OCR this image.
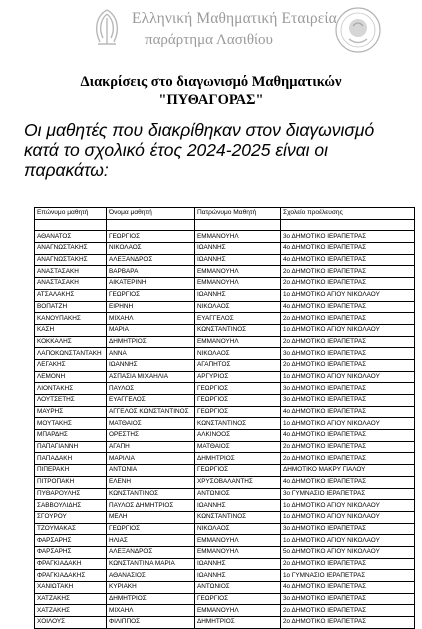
Ελληνική Μαθηματική Εταιρεία
παράρτημα Λασιθίου
Διακρίσεις στο διαγωνισμό Μαθηματικών
"ΠΥΘΑΓΟΡΑΣ"
Οι μαθητές που διακρίθηκαν στον διαγωνισμό κατά το σχολικό έτος 2024-2025 είναι οι παρακάτω:
Επώνυμο μαθητή	Όνομα μαθητή	Πατρώνυμο Μαθητή	Σχολείο προέλευσης

ΑΘΑΝΑΤΟΣ	ΓΕΩΡΓΙΟΣ	ΕΜΜΑΝΟΥΗΛ	3ο ΔΗΜΟΤΙΚΟ ΙΕΡΑΠΕΤΡΑΣ
ΑΝΑΓΝΩΣΤΑΚΗΣ	ΝΙΚΟΛΑΟΣ	ΙΩΑΝΝΗΣ	4ο ΔΗΜΟΤΙΚΟ ΙΕΡΑΠΕΤΡΑΣ
ΑΝΑΓΝΩΣΤΑΚΗΣ	ΑΛΕΞΑΝΔΡΟΣ	ΙΩΑΝΝΗΣ	4ο ΔΗΜΟΤΙΚΟ ΙΕΡΑΠΕΤΡΑΣ
ΑΝΑΣΤΑΣΑΚΗ	ΒΑΡΒΑΡΑ	ΕΜΜΑΝΟΥΗΛ	2ο ΔΗΜΟΤΙΚΟ ΙΕΡΑΠΕΤΡΑΣ
ΑΝΑΣΤΑΣΑΚΗ	ΑΙΚΑΤΕΡΙΝΗ	ΕΜΜΑΝΟΥΗΛ	2ο ΔΗΜΟΤΙΚΟ ΙΕΡΑΠΕΤΡΑΣ
ΑΤΣΑΛΑΚΗΣ	ΓΕΩΡΓΙΟΣ	ΙΩΑΝΝΗΣ	1ο ΔΗΜΟΤΙΚΟ ΑΓΙΟΥ ΝΙΚΟΛΑΟΥ
ΒΟΠΑΤΖΗ	ΕΙΡΗΝΗ	ΝΙΚΟΛΑΟΣ	4ο ΔΗΜΟΤΙΚΟ ΙΕΡΑΠΕΤΡΑΣ
ΚΑΝΟΥΠΑΚΗΣ	ΜΙΧΑΗΛ	ΕΥΑΓΓΕΛΟΣ	2ο ΔΗΜΟΤΙΚΟ ΙΕΡΑΠΕΤΡΑΣ
ΚΑΣΗ	ΜΑΡΙΑ	ΚΩΝΣΤΑΝΤΙΝΟΣ	1ο ΔΗΜΟΤΙΚΟ ΑΓΙΟΥ ΝΙΚΟΛΑΟΥ
ΚΟΚΚΑΛΗΣ	ΔΗΜΗΤΡΙΟΣ	ΕΜΜΑΝΟΥΗΛ	2ο ΔΗΜΟΤΙΚΟ ΙΕΡΑΠΕΤΡΑΣ
ΛΑΠΟΚΩΝΣΤΑΝΤΑΚΗ	ΑΝΝΑ	ΝΙΚΟΛΑΟΣ	3ο ΔΗΜΟΤΙΚΟ ΙΕΡΑΠΕΤΡΑΣ
ΛΕΓΑΚΗΣ	ΙΩΑΝΝΗΣ	ΑΓΑΠΗΤΟΣ	2ο ΔΗΜΟΤΙΚΟ ΙΕΡΑΠΕΤΡΑΣ
ΛΕΜΟΝΗ	ΑΣΠΑΣΙΑ ΜΙΧΑΗΛΙΑ	ΑΡΓΥΡΙΟΣ	1ο ΔΗΜΟΤΙΚΟ ΑΓΙΟΥ ΝΙΚΟΛΑΟΥ
ΛΙΟΝΤΑΚΗΣ	ΠΑΥΛΟΣ	ΓΕΩΡΓΙΟΣ	3ο ΔΗΜΟΤΙΚΟ ΙΕΡΑΠΕΤΡΑΣ
ΛΟΥΤΣΕΤΗΣ	ΕΥΑΓΓΕΛΟΣ	ΓΕΩΡΓΙΟΣ	3ο ΔΗΜΟΤΙΚΟ ΙΕΡΑΠΕΤΡΑΣ
ΜΑΥΡΗΣ	ΑΓΓΕΛΟΣ ΚΩΝΣΤΑΝΤΙΝΟΣ	ΓΕΩΡΓΙΟΣ	4ο ΔΗΜΟΤΙΚΟ ΙΕΡΑΠΕΤΡΑΣ
ΜΟΥΤΑΚΗΣ	ΜΑΤΘΑΙΟΣ	ΚΩΝΣΤΑΝΤΙΝΟΣ	1ο ΔΗΜΟΤΙΚΟ ΑΓΙΟΥ ΝΙΚΟΛΑΟΥ
ΜΠΑΡΔΗΣ	ΟΡΕΣΤΗΣ	ΑΛΚΙΝΟΟΣ	4ο ΔΗΜΟΤΙΚΟ ΙΕΡΑΠΕΤΡΑΣ
ΠΑΠΑΓΙΑΝΝΗ	ΑΓΑΠΗ	ΜΑΤΘΑΙΟΣ	2ο ΔΗΜΟΤΙΚΟ ΙΕΡΑΠΕΤΡΑΣ
ΠΑΠΑΔΑΚΗ	ΜΑΡΙΛΙΑ	ΔΗΜΗΤΡΙΟΣ	2ο ΔΗΜΟΤΙΚΟ ΙΕΡΑΠΕΤΡΑΣ
ΠΙΠΕΡΑΚΗ	ΑΝΤΩΝΙΑ	ΓΕΩΡΓΙΟΣ	ΔΗΜΟΤΙΚΟ ΜΑΚΡΥ ΓΙΑΛΟΥ
ΠΙΤΡΟΠΑΚΗ	ΕΛΕΝΗ	ΧΡΥΣΟΒΑΛΑΝΤΗΣ	4ο ΔΗΜΟΤΙΚΟ ΙΕΡΑΠΕΤΡΑΣ
ΠΥΘΑΡΟΥΛΗΣ	ΚΩΝΣΤΑΝΤΙΝΟΣ	ΑΝΤΩΝΙΟΣ	3ο ΓΥΜΝΑΣΙΟ ΙΕΡΑΠΕΤΡΑΣ
ΣΑΒΒΟΥΛΙΔΗΣ	ΠΑΥΛΟΣ ΔΗΜΗΤΡΙΟΣ	ΙΩΑΝΝΗΣ	1ο ΔΗΜΟΤΙΚΟ ΑΓΙΟΥ ΝΙΚΟΛΑΟΥ
ΣΓΟΥΡΟΥ	ΜΕΛΗ	ΚΩΝΣΤΑΝΤΙΝΟΣ	1ο ΔΗΜΟΤΙΚΟ ΑΓΙΟΥ ΝΙΚΟΛΑΟΥ
ΤΖΟΥΜΑΚΑΣ	ΓΕΩΡΓΙΟΣ	ΝΙΚΟΛΑΟΣ	3ο ΔΗΜΟΤΙΚΟ ΙΕΡΑΠΕΤΡΑΣ
ΦΑΡΣΑΡΗΣ	ΗΛΙΑΣ	ΕΜΜΑΝΟΥΗΛ	1ο ΔΗΜΟΤΙΚΟ ΑΓΙΟΥ ΝΙΚΟΛΑΟΥ
ΦΑΡΣΑΡΗΣ	ΑΛΕΞΑΝΔΡΟΣ	ΕΜΜΑΝΟΥΗΛ	5ο ΔΗΜΟΤΙΚΟ ΑΓΙΟΥ ΝΙΚΟΛΑΟΥ
ΦΡΑΓΚΙΑΔΑΚΗ	ΚΩΝΣΤΑΝΤΙΝΑ ΜΑΡΙΑ	ΙΩΑΝΝΗΣ	2ο ΔΗΜΟΤΙΚΟ ΙΕΡΑΠΕΤΡΑΣ
ΦΡΑΓΚΙΑΔΑΚΗΣ	ΑΘΑΝΑΣΙΟΣ	ΙΩΑΝΝΗΣ	1ο ΓΥΜΝΑΣΙΟ ΙΕΡΑΠΕΤΡΑΣ
ΧΑΝΙΩΤΑΚΗ	ΚΥΡΙΑΚΗ	ΑΝΤΩΝΙΟΣ	4ο ΔΗΜΟΤΙΚΟ ΙΕΡΑΠΕΤΡΑΣ
ΧΑΤΖΑΚΗΣ	ΔΗΜΗΤΡΙΟΣ	ΓΕΩΡΓΙΟΣ	3ο ΔΗΜΟΤΙΚΟ ΙΕΡΑΠΕΤΡΑΣ
ΧΑΤΖΑΚΗΣ	ΜΙΧΑΗΛ	ΕΜΜΑΝΟΥΗΛ	2ο ΔΗΜΟΤΙΚΟ ΙΕΡΑΠΕΤΡΑΣ
ΧΟΙΛΟΥΣ	ΦΙΛΙΠΠΟΣ	ΔΗΜΗΤΡΙΟΣ	2ο ΔΗΜΟΤΙΚΟ ΙΕΡΑΠΕΤΡΑΣ
